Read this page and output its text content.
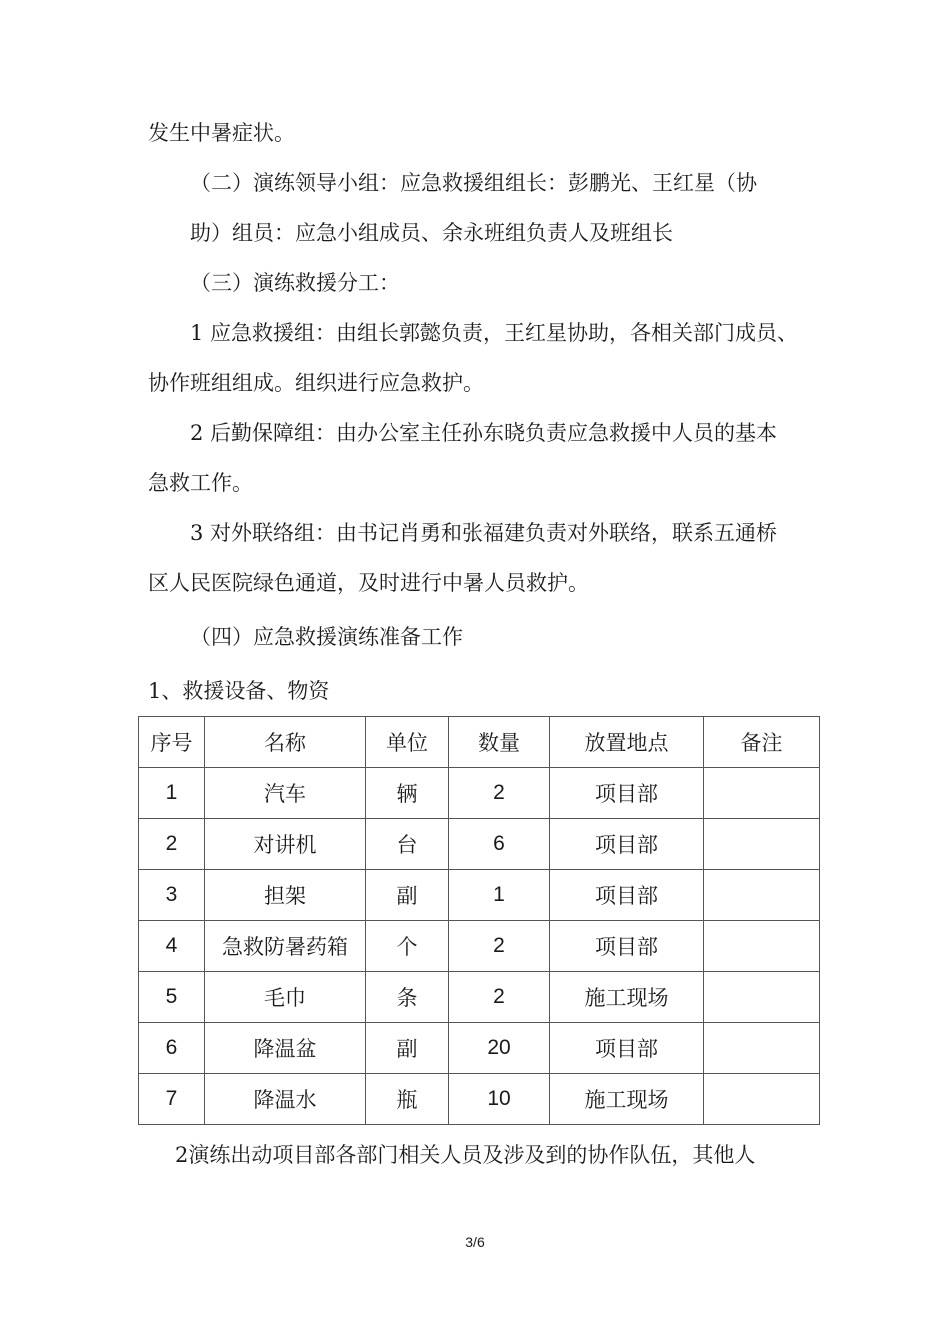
发生中暑症状。
（二）演练领导小组：应急救援组组长：彭鹏光、王红星（协
助）组员：应急小组成员、余永班组负责人及班组长
（三）演练救援分工：
1 应急救援组：由组长郭懿负责，王红星协助，各相关部门成员、
协作班组组成。组织进行应急救护。
2 后勤保障组：由办公室主任孙东晓负责应急救援中人员的基本
急救工作。
3 对外联络组：由书记肖勇和张福建负责对外联络，联系五通桥
区人民医院绿色通道，及时进行中暑人员救护。
（四）应急救援演练准备工作
1、救援设备、物资
序号	名称	单位	数量	放置地点	备注
1	汽车	辆	2	项目部	
2	对讲机	台	6	项目部	
3	担架	副	1	项目部	
4	急救防暑药箱	个	2	项目部	
5	毛巾	条	2	施工现场	
6	降温盆	副	20	项目部	
7	降温水	瓶	10	施工现场	
2演练出动项目部各部门相关人员及涉及到的协作队伍，其他人
3/6
